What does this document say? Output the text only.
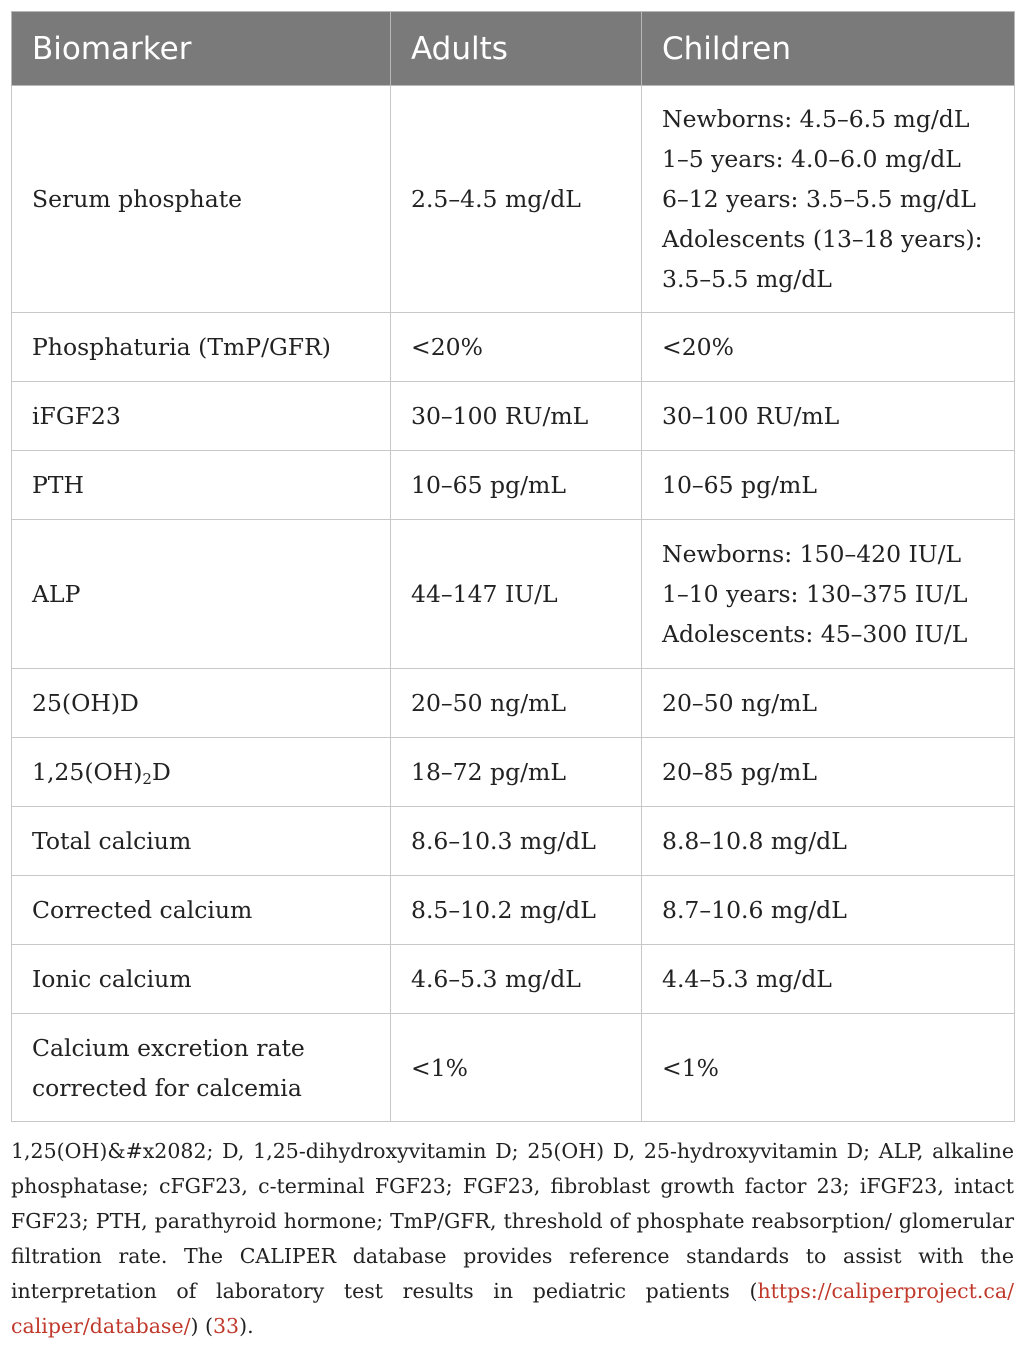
Biomarker	Adults	Children
Serum phosphate	2.5–4.5 mg/dL	Newborns: 4.5–6.5 mg/dL
1–5 years: 4.0–6.0 mg/dL
6–12 years: 3.5–5.5 mg/dL
Adolescents (13–18 years):
3.5–5.5 mg/dL

Phosphaturia (TmP/GFR)	<20%	<20%
iFGF23	30–100 RU/mL	30–100 RU/mL
PTH	10–65 pg/mL	10–65 pg/mL
ALP	44–147 IU/L	Newborns: 150–420 IU/L
1–10 years: 130–375 IU/L
Adolescents: 45–300 IU/L

25(OH)D	20–50 ng/mL	20–50 ng/mL
$1,25(OH)_2D$	18–72 pg/mL	20–85 pg/mL
Total calcium	8.6–10.3 mg/dL	8.8–10.8 mg/dL
Corrected calcium	8.5–10.2 mg/dL	8.7–10.6 mg/dL
Ionic calcium	4.6–5.3 mg/dL	4.4–5.3 mg/dL

Calcium excretion rate
corrected for calcemia	<1%	<1%

1,25(OH)&#x2082; D, 1,25-dihydroxyvitamin D; 25(OH) D, 25-hydroxyvitamin D; ALP, alkaline phosphatase; cFGF23, c-terminal FGF23; FGF23, fibroblast growth factor 23; iFGF23, intact FGF23; PTH, parathyroid hormone; TmP/GFR, threshold of phosphate reabsorption/ glomerular filtration rate. The CALIPER database provides reference standards to assist with the interpretation of laboratory test results in pediatric patients (https://caliperproject.ca/ caliper/database/) (33).
